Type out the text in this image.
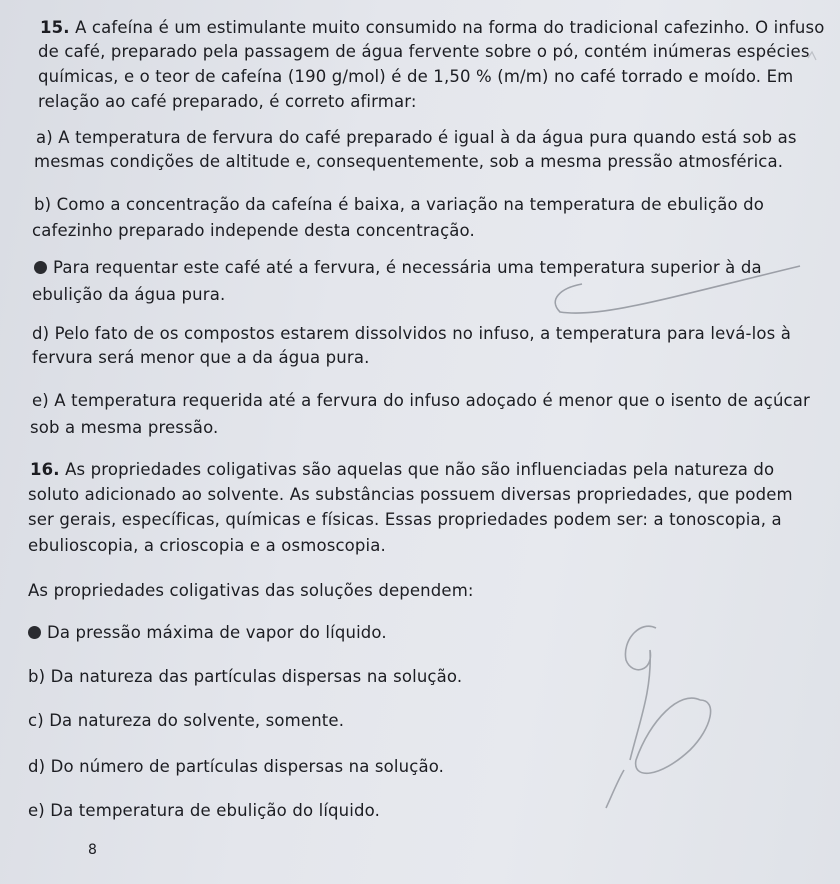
15. A cafeína é um estimulante muito consumido na forma do tradicional cafezinho. O infuso

de café, preparado pela passagem de água fervente sobre o pó, contém inúmeras espécies

químicas, e o teor de cafeína (190 g/mol) é de 1,50 % (m/m) no café torrado e moído. Em

relação ao café preparado, é correto afirmar:

a) A temperatura de fervura do café preparado é igual à da água pura quando está sob as

mesmas condições de altitude e, consequentemente, sob a mesma pressão atmosférica.

b) Como a concentração da cafeína é baixa, a variação na temperatura de ebulição do

cafezinho preparado independe desta concentração.

Para requentar este café até a fervura, é necessária uma temperatura superior à da

ebulição da água pura.

d) Pelo fato de os compostos estarem dissolvidos no infuso, a temperatura para levá-los à

fervura será menor que a da água pura.

e) A temperatura requerida até a fervura do infuso adoçado é menor que o isento de açúcar

sob a mesma pressão.

16. As propriedades coligativas são aquelas que não são influenciadas pela natureza do

soluto adicionado ao solvente. As substâncias possuem diversas propriedades, que podem

ser gerais, específicas, químicas e físicas. Essas propriedades podem ser: a tonoscopia, a

ebulioscopia, a crioscopia e a osmoscopia.

As propriedades coligativas das soluções dependem:

Da pressão máxima de vapor do líquido.

b) Da natureza das partículas dispersas na solução.

c) Da natureza do solvente, somente.

d) Do número de partículas dispersas na solução.

e) Da temperatura de ebulição do líquido.

8
